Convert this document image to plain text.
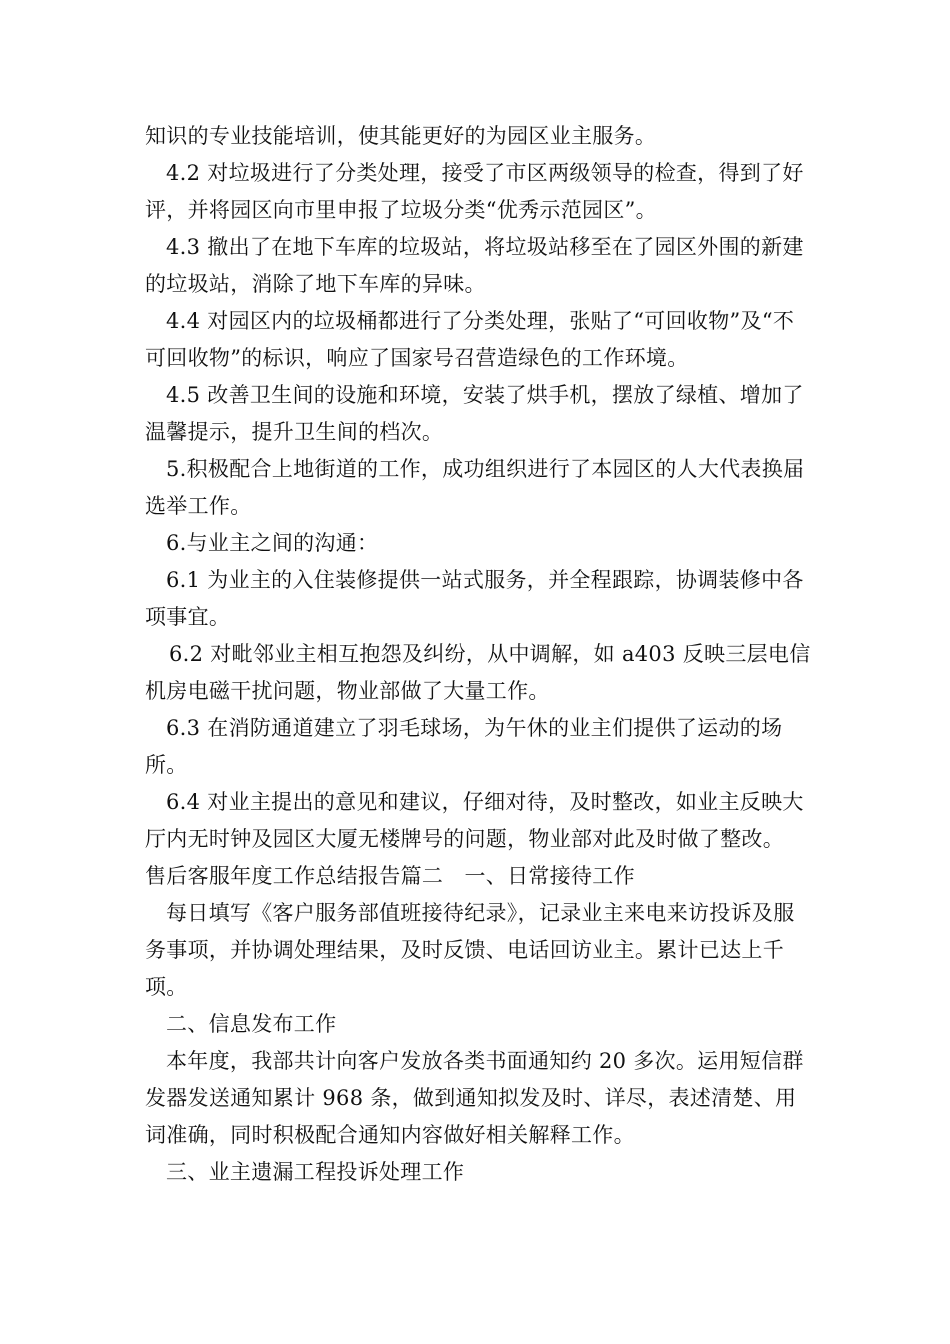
知识的专业技能培训，使其能更好的为园区业主服务。

4.2 对垃圾进行了分类处理，接受了市区两级领导的检查，得到了好评，并将园区向市里申报了垃圾分类“优秀示范园区”。

4.3 撤出了在地下车库的垃圾站，将垃圾站移至在了园区外围的新建的垃圾站，消除了地下车库的异味。

4.4 对园区内的垃圾桶都进行了分类处理，张贴了“可回收物”及“不可回收物”的标识，响应了国家号召营造绿色的工作环境。

4.5 改善卫生间的设施和环境，安装了烘手机，摆放了绿植、增加了温馨提示，提升卫生间的档次。

5.积极配合上地街道的工作，成功组织进行了本园区的人大代表换届选举工作。

6.与业主之间的沟通：

6.1 为业主的入住装修提供一站式服务，并全程跟踪，协调装修中各项事宜。

6.2 对毗邻业主相互抱怨及纠纷，从中调解，如 a403 反映三层电信机房电磁干扰问题，物业部做了大量工作。

6.3 在消防通道建立了羽毛球场，为午休的业主们提供了运动的场所。

6.4 对业主提出的意见和建议，仔细对待，及时整改，如业主反映大厅内无时钟及园区大厦无楼牌号的问题，物业部对此及时做了整改。

售后客服年度工作总结报告篇二　一、日常接待工作

每日填写《客户服务部值班接待纪录》，记录业主来电来访投诉及服务事项，并协调处理结果，及时反馈、电话回访业主。累计已达上千项。

二、信息发布工作

本年度，我部共计向客户发放各类书面通知约 20 多次。运用短信群发器发送通知累计 968 条，做到通知拟发及时、详尽，表述清楚、用词准确，同时积极配合通知内容做好相关解释工作。

三、业主遗漏工程投诉处理工作
